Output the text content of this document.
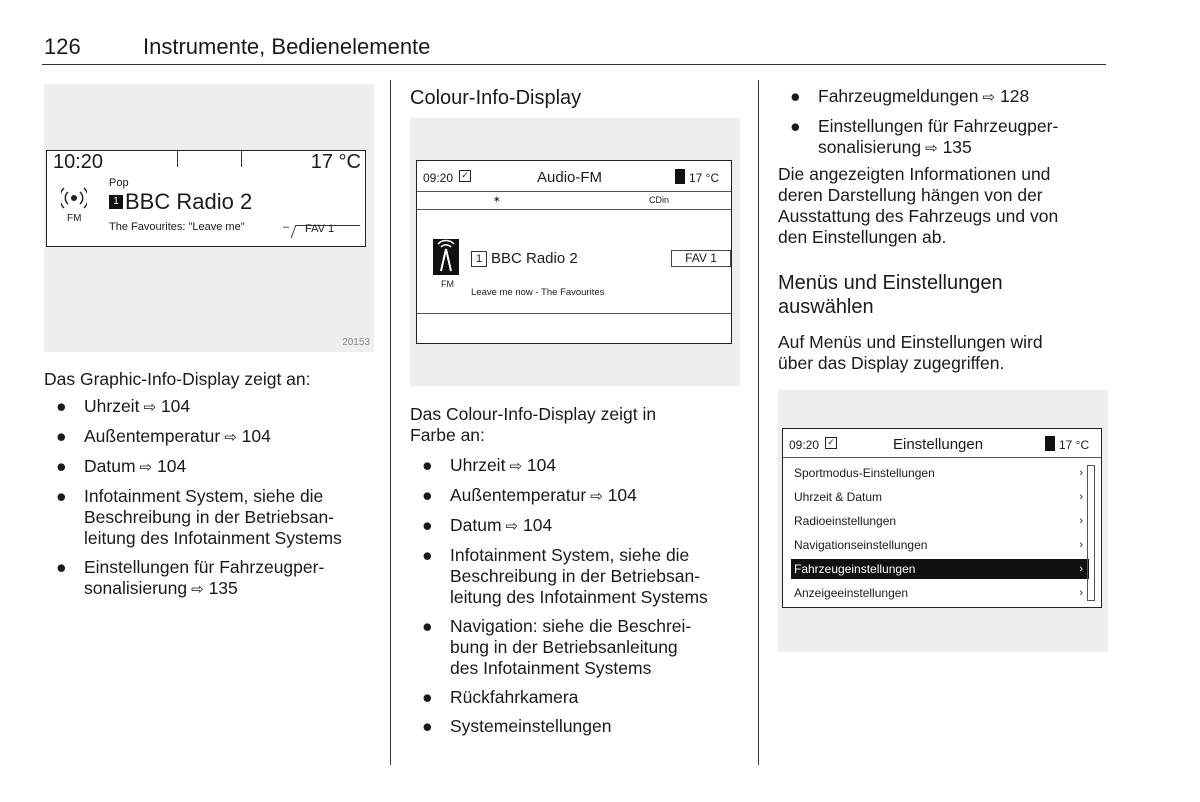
126	Instrumente, Bedienelemente
10:20	17 °C
Pop
FM
1 BBC Radio 2
The Favourites: "Leave me"	– FAV 1
20153
Das Graphic-Info-Display zeigt an:
● Uhrzeit ⇨ 104
● Außentemperatur ⇨ 104
● Datum ⇨ 104
● Infotainment System, siehe die
Beschreibung in der Betriebsan-
leitung des Infotainment Systems
● Einstellungen für Fahrzeugper-
sonalisierung ⇨ 135
Colour-Info-Display
09:20 ✓	Audio-FM	17 °C
∗	CDin
FM
1 BBC Radio 2	FAV 1
Leave me now - The Favourites
Das Colour-Info-Display zeigt in
Farbe an:
● Uhrzeit ⇨ 104
● Außentemperatur ⇨ 104
● Datum ⇨ 104
● Infotainment System, siehe die
Beschreibung in der Betriebsan-
leitung des Infotainment Systems
● Navigation: siehe die Beschrei-
bung in der Betriebsanleitung
des Infotainment Systems
● Rückfahrkamera
● Systemeinstellungen
● Fahrzeugmeldungen ⇨ 128
● Einstellungen für Fahrzeugper-
sonalisierung ⇨ 135
Die angezeigten Informationen und
deren Darstellung hängen von der
Ausstattung des Fahrzeugs und von
den Einstellungen ab.
Menüs und Einstellungen
auswählen
Auf Menüs und Einstellungen wird
über das Display zugegriffen.
09:20 ✓	Einstellungen	17 °C
Sportmodus-Einstellungen	›
Uhrzeit & Datum	›
Radioeinstellungen	›
Navigationseinstellungen	›
Fahrzeugeinstellungen	›
Anzeigeeinstellungen	›
